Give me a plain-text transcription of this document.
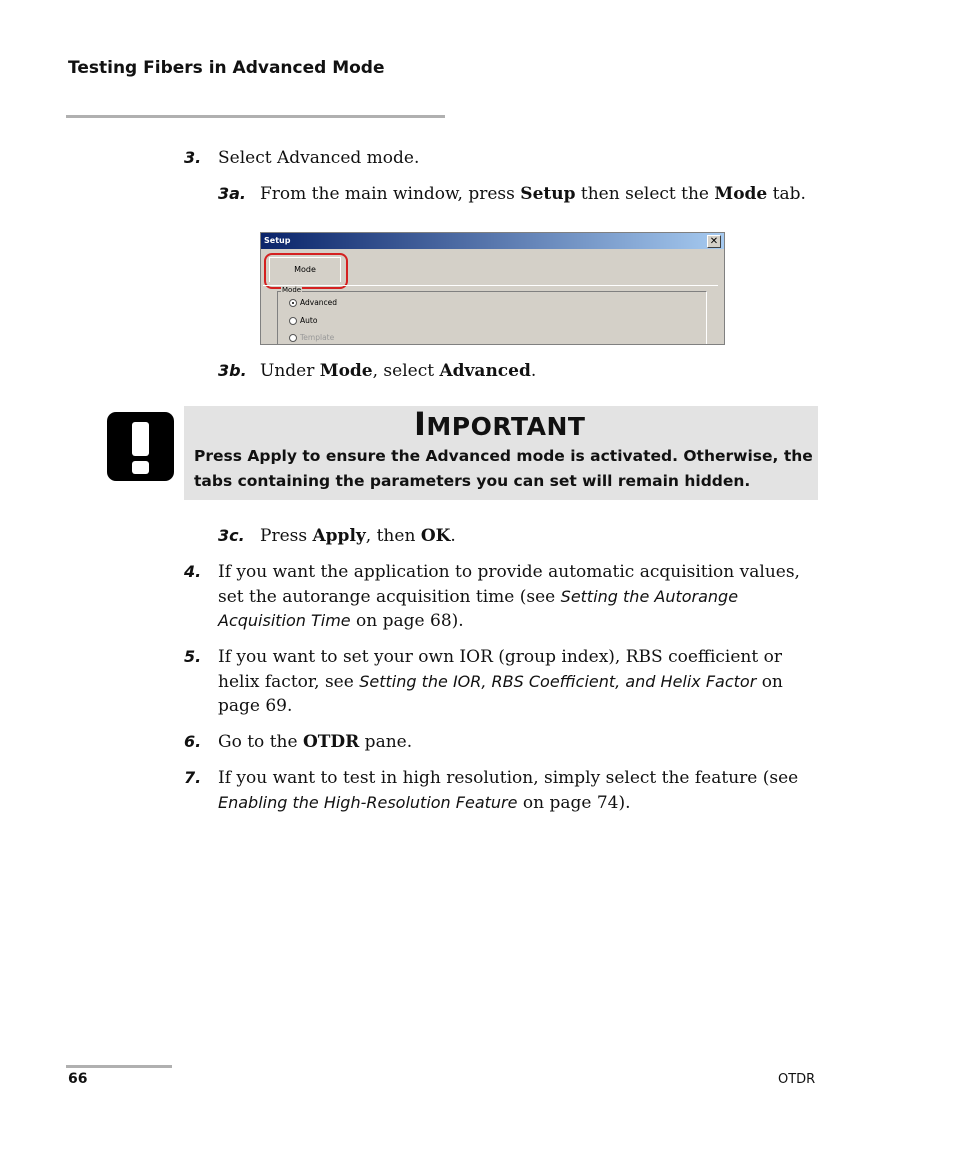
Testing Fibers in Advanced Mode
3. Select Advanced mode.
3a. From the main window, press Setup then select the Mode tab.
Setup	✕
Mode
Mode
Advanced
Auto
Template
3b. Under Mode, select Advanced.
IMPORTANT
Press Apply to ensure the Advanced mode is activated. Otherwise, the tabs containing the parameters you can set will remain hidden.
3c. Press Apply, then OK.
4. If you want the application to provide automatic acquisition values, set the autorange acquisition time (see Setting the Autorange Acquisition Time on page 68).
5. If you want to set your own IOR (group index), RBS coefficient or helix factor, see Setting the IOR, RBS Coefficient, and Helix Factor on page 69.
6. Go to the OTDR pane.
7. If you want to test in high resolution, simply select the feature (see Enabling the High-Resolution Feature on page 74).
66	OTDR
